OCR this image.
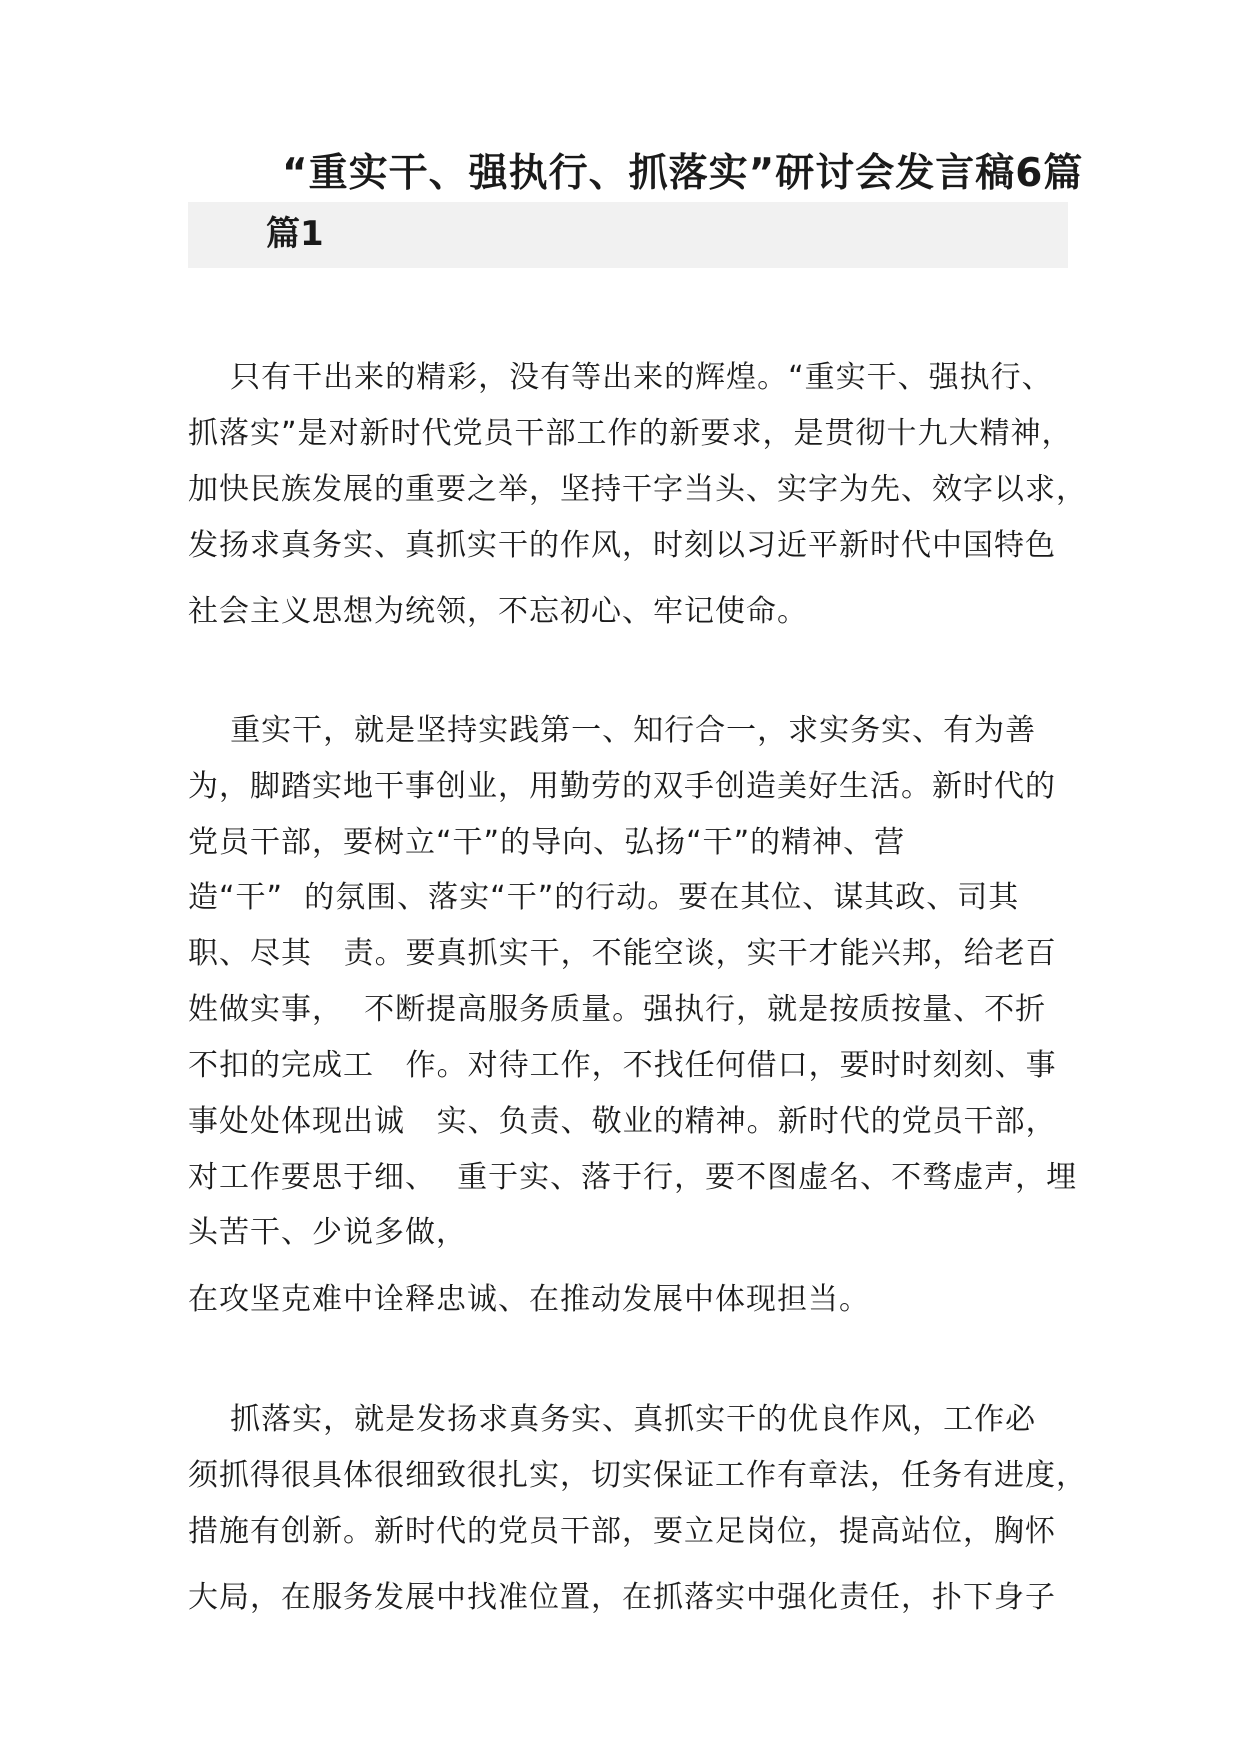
“重实干、强执行、抓落实”研讨会发言稿6篇
篇1

只有干出来的精彩，没有等出来的辉煌。“重实干、强执行、

抓落实”是对新时代党员干部工作的新要求，是贯彻十九大精神，

加快民族发展的重要之举，坚持干字当头、实字为先、效字以求，

发扬求真务实、真抓实干的作风，时刻以习近平新时代中国特色

社会主义思想为统领，不忘初心、牢记使命。

重实干，就是坚持实践第一、知行合一，求实务实、有为善

为，脚踏实地干事创业，用勤劳的双手创造美好生活。新时代的

党员干部，要树立“干”的导向、弘扬“干”的精神、营

造“干”  的氛围、落实“干”的行动。要在其位、谋其政、司其

职、尽其   责。要真抓实干，不能空谈，实干才能兴邦，给老百

姓做实事，  不断提高服务质量。强执行，就是按质按量、不折

不扣的完成工   作。对待工作，不找任何借口，要时时刻刻、事

事处处体现出诚   实、负责、敬业的精神。新时代的党员干部，

对工作要思于细、  重于实、落于行，要不图虚名、不骛虚声，埋

头苦干、少说多做，

在攻坚克难中诠释忠诚、在推动发展中体现担当。

抓落实，就是发扬求真务实、真抓实干的优良作风，工作必

须抓得很具体很细致很扎实，切实保证工作有章法，任务有进度，

措施有创新。新时代的党员干部，要立足岗位，提高站位，胸怀

大局，在服务发展中找准位置，在抓落实中强化责任，扑下身子
